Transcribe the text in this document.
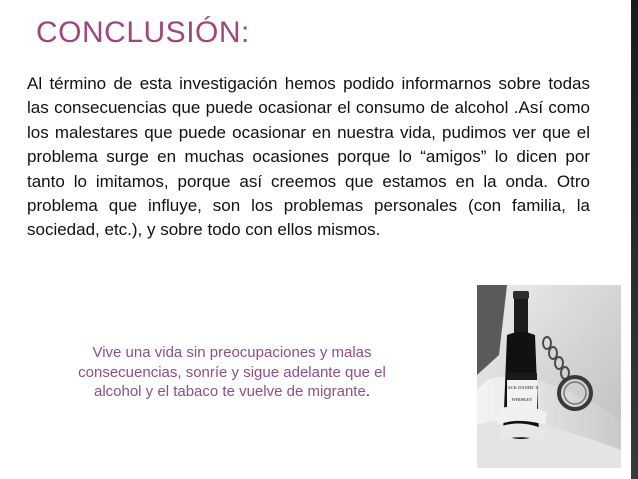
CONCLUSIÓN:
Al término de esta investigación hemos podido informarnos sobre todas las consecuencias que puede ocasionar el consumo de alcohol .Así como los malestares que puede ocasionar en nuestra vida, pudimos ver que el problema surge en muchas ocasiones porque lo “amigos” lo dicen por tanto lo imitamos, porque así creemos que estamos en la onda. Otro problema que influye, son los problemas personales (con familia, la sociedad, etc.), y sobre todo con ellos mismos.
Vive una vida sin preocupaciones y malas consecuencias, sonríe y sigue adelante que el alcohol y el tabaco te vuelve de migrante.	JACK DANIEL'S
WHISKEY
